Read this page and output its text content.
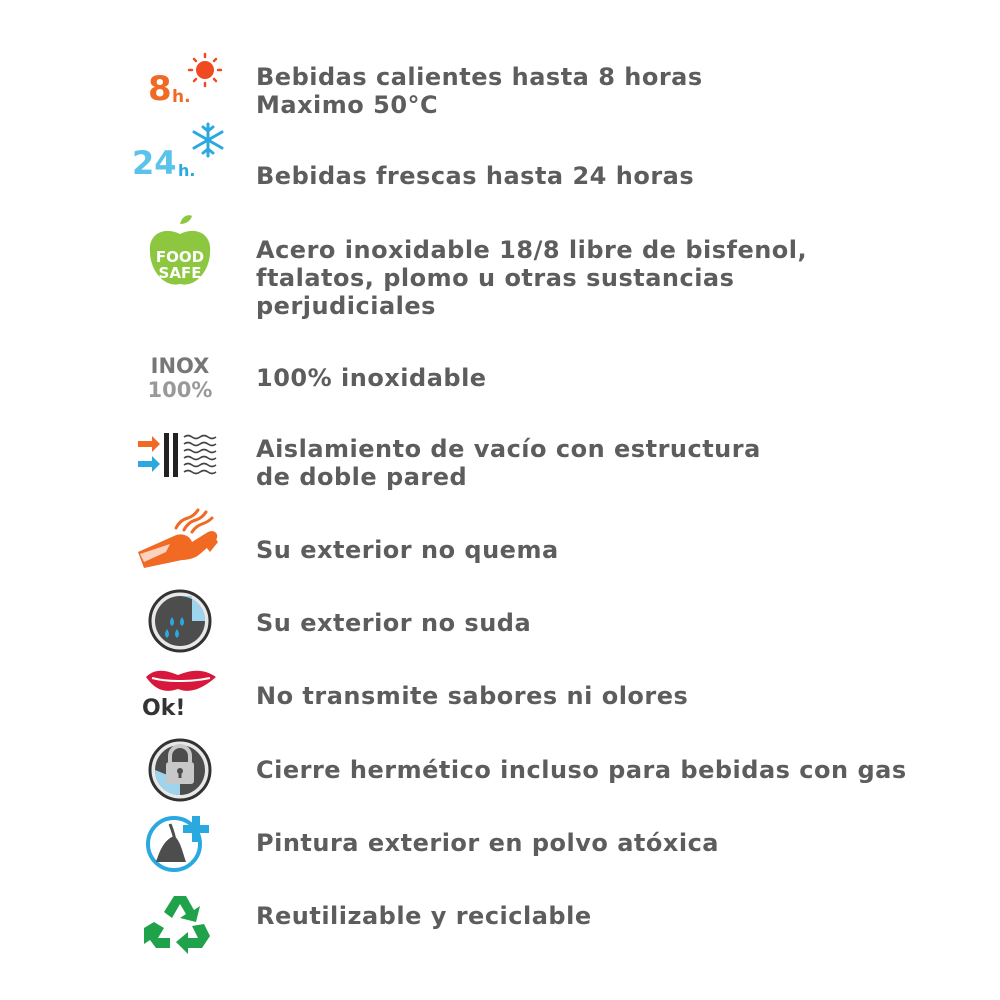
8 h.
Bebidas calientes hasta 8 horas
Maximo 50°C
24 h.	Bebidas frescas hasta 24 horas
FOOD
SAFE
Acero inoxidable 18/8 libre de bisfenol,
ftalatos, plomo u otras sustancias
perjudiciales
INOX
100% 100% inoxidable
Aislamiento de vacío con estructura
de doble pared
Su exterior no quema
Su exterior no suda
Ok!	No transmite sabores ni olores
Cierre hermético incluso para bebidas con gas
Pintura exterior en polvo atóxica
Reutilizable y reciclable
